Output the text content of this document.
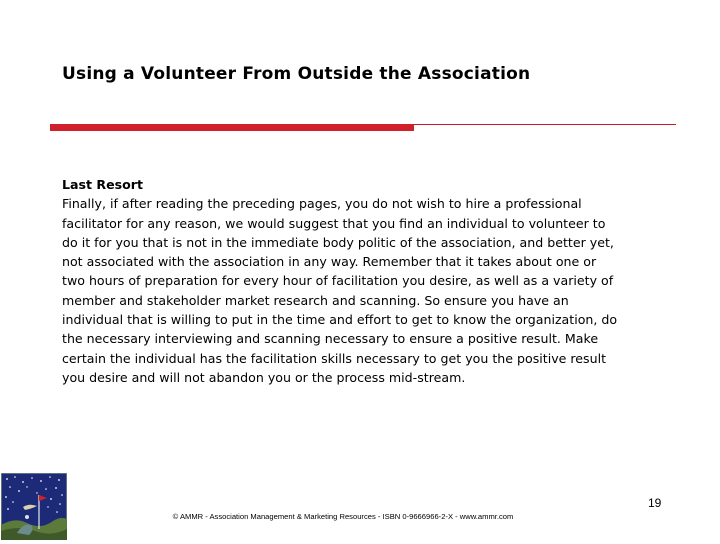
Using a Volunteer From Outside the Association
Last Resort
Finally, if after reading the preceding pages, you do not wish to hire a professional
facilitator for any reason, we would suggest that you find an individual to volunteer to
do it for you that is not in the immediate body politic of the association, and better yet,
not associated with the association in any way. Remember that it takes about one or
two hours of preparation for every hour of facilitation you desire, as well as a variety of
member and stakeholder market research and scanning. So ensure you have an
individual that is willing to put in the time and effort to get to know the organization, do
the necessary interviewing and scanning necessary to ensure a positive result. Make
certain the individual has the facilitation skills necessary to get you the positive result
you desire and will not abandon you or the process mid-stream.
© AMMR - Association Management & Marketing Resources - ISBN 0-9666966-2-X - www.ammr.com
19
